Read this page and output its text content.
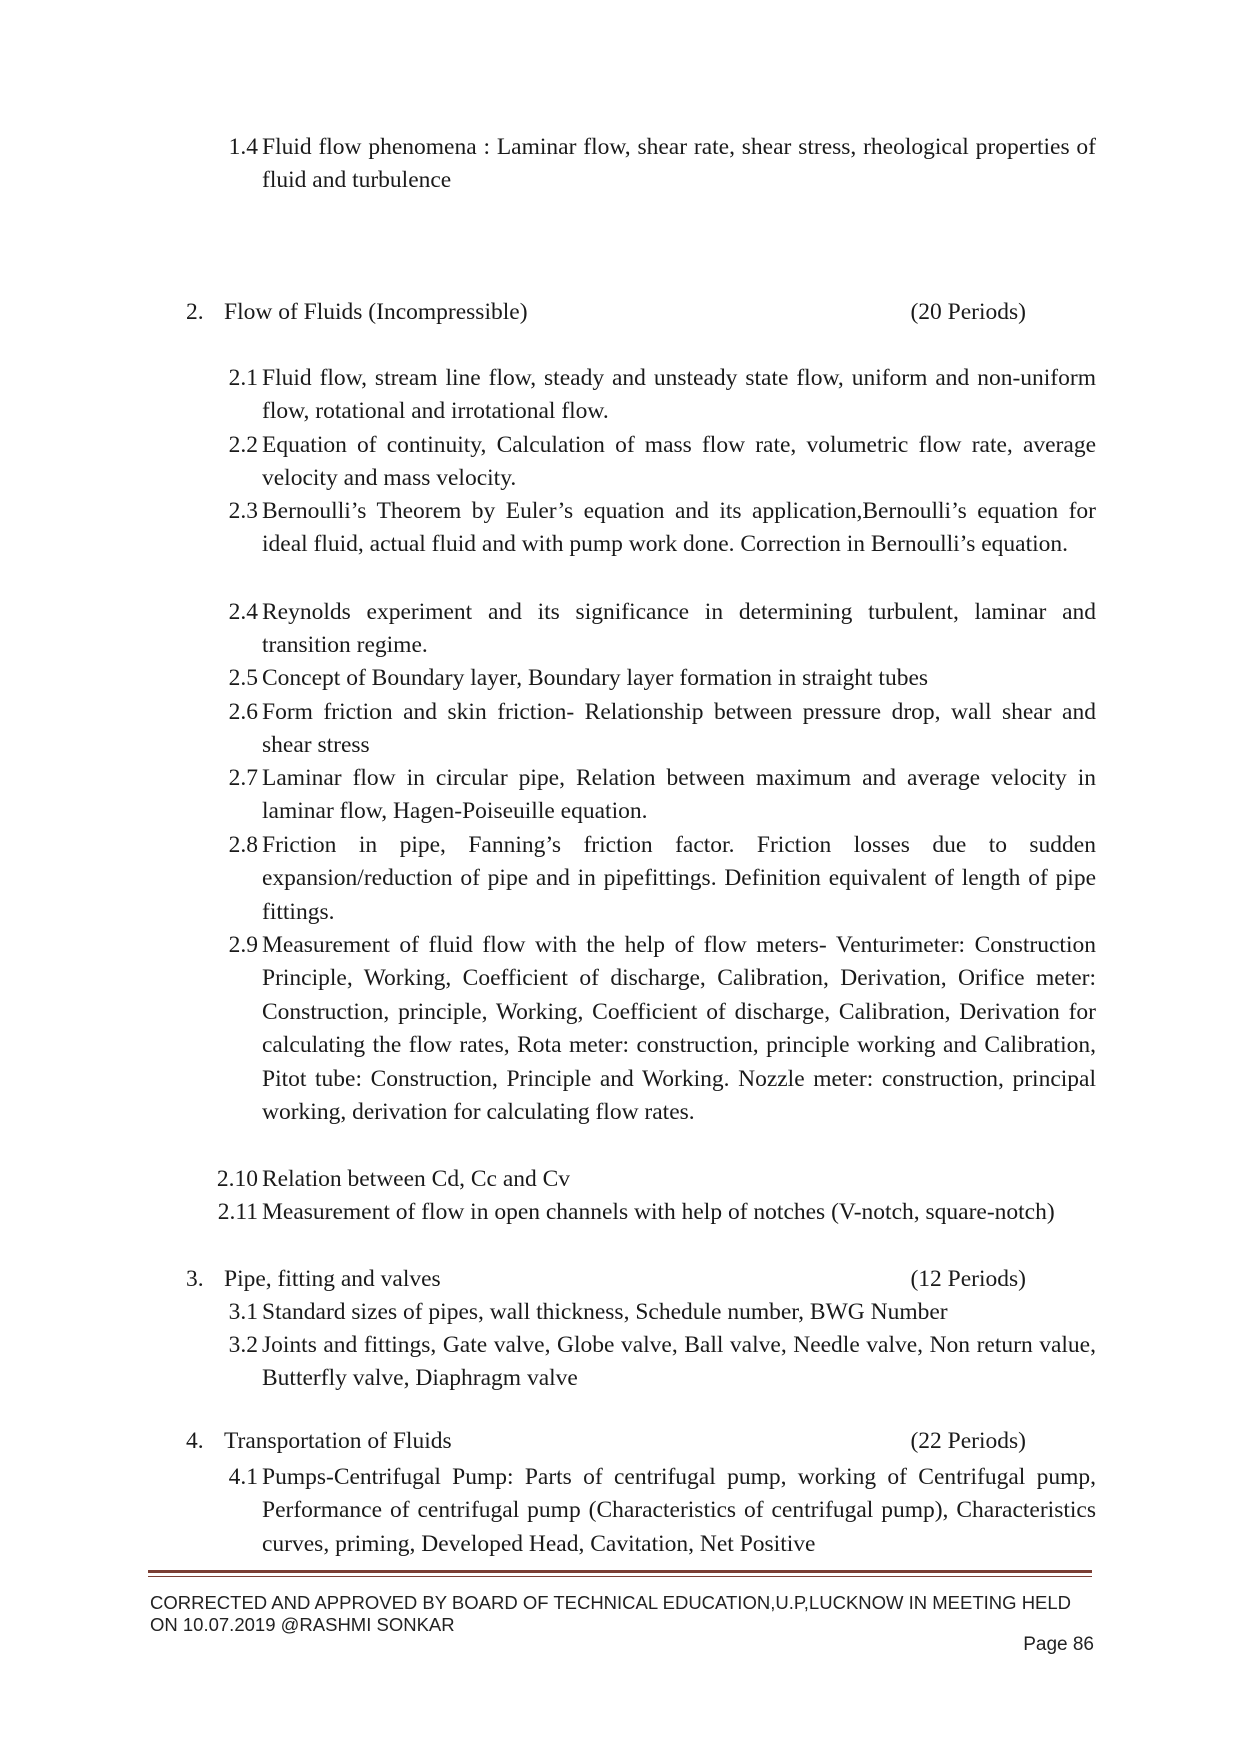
1.4 Fluid flow phenomena : Laminar flow, shear rate, shear stress, rheological properties of fluid and turbulence
2. Flow of Fluids (Incompressible)	(20 Periods)
2.1 Fluid flow, stream line flow, steady and unsteady state flow, uniform and non-uniform flow, rotational and irrotational flow.
2.2 Equation of continuity, Calculation of mass flow rate, volumetric flow rate, average velocity and mass velocity.
2.3 Bernoulli’s Theorem by Euler’s equation and its application,Bernoulli’s equation for ideal fluid, actual fluid and with pump work done. Correction in Bernoulli’s equation.
2.4 Reynolds experiment and its significance in determining turbulent, laminar and transition regime.
2.5 Concept of Boundary layer, Boundary layer formation in straight tubes
2.6 Form friction and skin friction- Relationship between pressure drop, wall shear and shear stress
2.7 Laminar flow in circular pipe, Relation between maximum and average velocity in laminar flow, Hagen-Poiseuille equation.
2.8 Friction in pipe, Fanning’s friction factor. Friction losses due to sudden expansion/reduction of pipe and in pipefittings. Definition equivalent of length of pipe fittings.
2.9 Measurement of fluid flow with the help of flow meters- Venturimeter: Construction Principle, Working, Coefficient of discharge, Calibration, Derivation, Orifice meter: Construction, principle, Working, Coefficient of discharge, Calibration, Derivation for calculating the flow rates, Rota meter: construction, principle working and Calibration, Pitot tube: Construction, Principle and Working. Nozzle meter: construction, principal working, derivation for calculating flow rates.
2.10 Relation between Cd, Cc and Cv
2.11 Measurement of flow in open channels with help of notches (V-notch, square-notch)
3. Pipe, fitting and valves	(12 Periods)
3.1 Standard sizes of pipes, wall thickness, Schedule number, BWG Number
3.2 Joints and fittings, Gate valve, Globe valve, Ball valve, Needle valve, Non return value, Butterfly valve, Diaphragm valve
4. Transportation of Fluids	(22 Periods)
4.1 Pumps-Centrifugal Pump: Parts of centrifugal pump, working of Centrifugal pump, Performance of centrifugal pump (Characteristics of centrifugal pump), Characteristics curves, priming, Developed Head, Cavitation, Net Positive
CORRECTED AND APPROVED BY BOARD OF TECHNICAL EDUCATION,U.P,LUCKNOW IN MEETING HELD
ON 10.07.2019 @RASHMI SONKAR
Page 86
